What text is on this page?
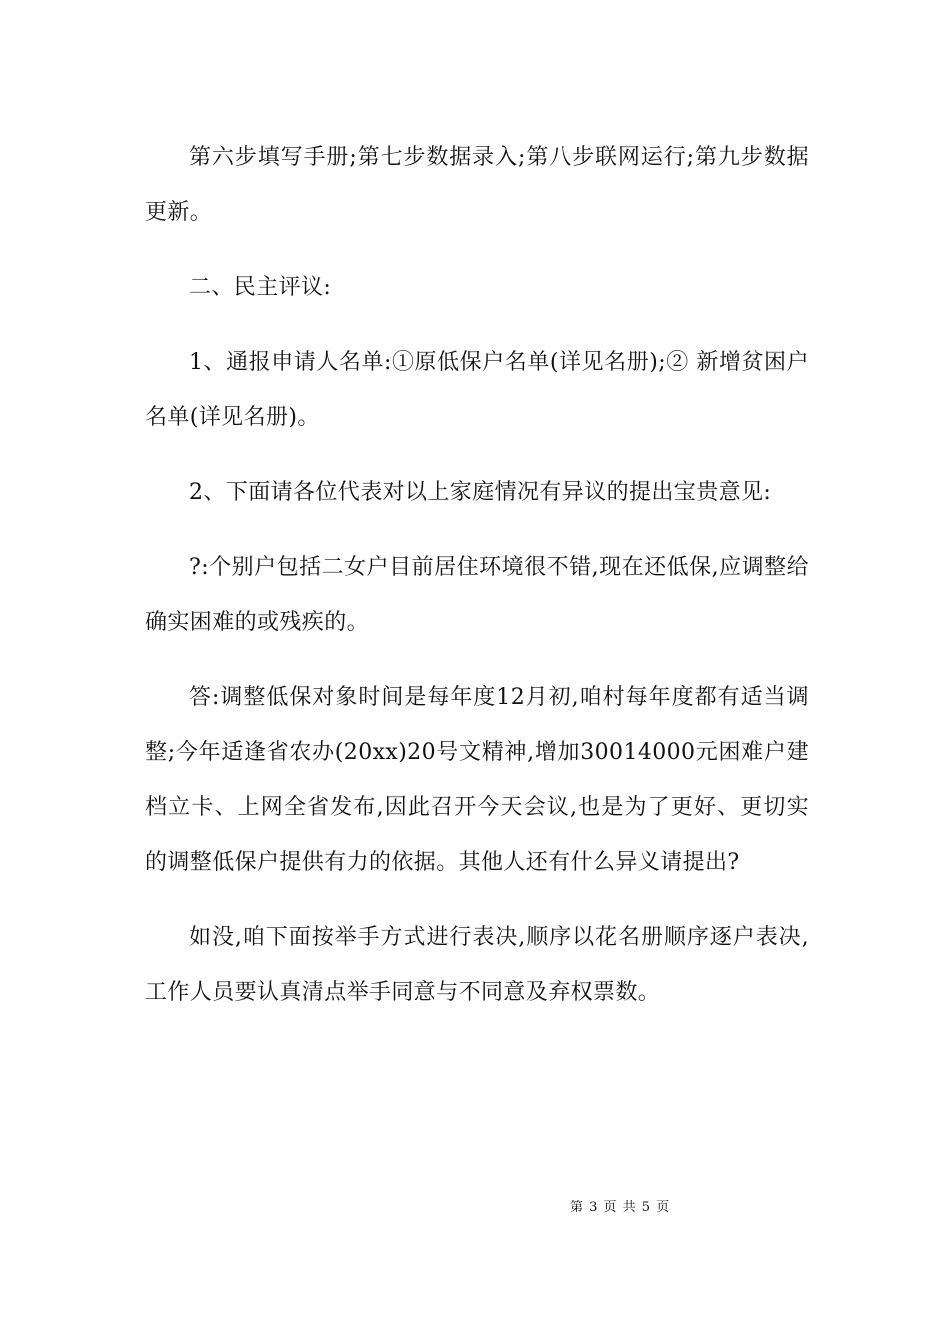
第六步填写手册;第七步数据录入;第八步联网运行;第九步数据更新。

二、民主评议:

1、通报申请人名单:①原低保户名单(详见名册);② 新增贫困户名单(详见名册)。

2、下面请各位代表对以上家庭情况有异议的提出宝贵意见:

?:个别户包括二女户目前居住环境很不错,现在还低保,应调整给确实困难的或残疾的。

答:调整低保对象时间是每年度12月初,咱村每年度都有适当调整;今年适逢省农办(20xx)20号文精神,增加30014000元困难户建档立卡、上网全省发布,因此召开今天会议,也是为了更好、更切实的调整低保户提供有力的依据。其他人还有什么异义请提出?

如没,咱下面按举手方式进行表决,顺序以花名册顺序逐户表决,工作人员要认真清点举手同意与不同意及弃权票数。

第 3 页 共 5 页
